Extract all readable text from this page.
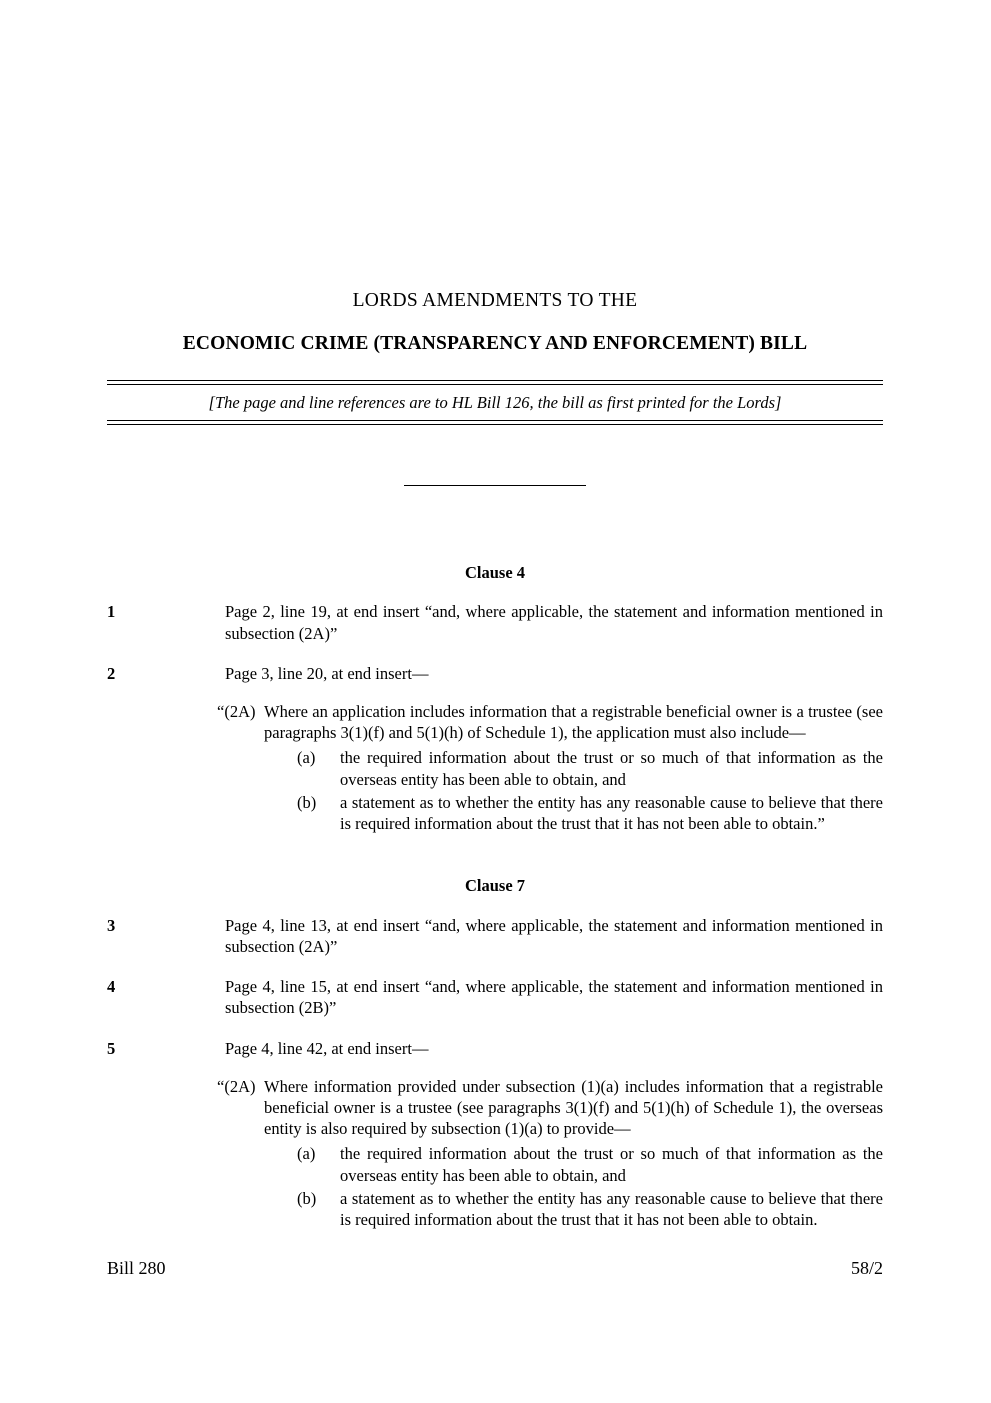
LORDS AMENDMENTS TO THE
ECONOMIC CRIME (TRANSPARENCY AND ENFORCEMENT) BILL
[The page and line references are to HL Bill 126, the bill as first printed for the Lords]
Clause 4
1	Page 2, line 19, at end insert “and, where applicable, the statement and information mentioned in subsection (2A)”
2	Page 3, line 20, at end insert—
“(2A) Where an application includes information that a registrable beneficial owner is a trustee (see paragraphs 3(1)(f) and 5(1)(h) of Schedule 1), the application must also include—
(a) the required information about the trust or so much of that information as the overseas entity has been able to obtain, and
(b) a statement as to whether the entity has any reasonable cause to believe that there is required information about the trust that it has not been able to obtain.”
Clause 7
3	Page 4, line 13, at end insert “and, where applicable, the statement and information mentioned in subsection (2A)”
4	Page 4, line 15, at end insert “and, where applicable, the statement and information mentioned in subsection (2B)”
5	Page 4, line 42, at end insert—
“(2A) Where information provided under subsection (1)(a) includes information that a registrable beneficial owner is a trustee (see paragraphs 3(1)(f) and 5(1)(h) of Schedule 1), the overseas entity is also required by subsection (1)(a) to provide—
(a) the required information about the trust or so much of that information as the overseas entity has been able to obtain, and
(b) a statement as to whether the entity has any reasonable cause to believe that there is required information about the trust that it has not been able to obtain.
Bill 280	58/2
